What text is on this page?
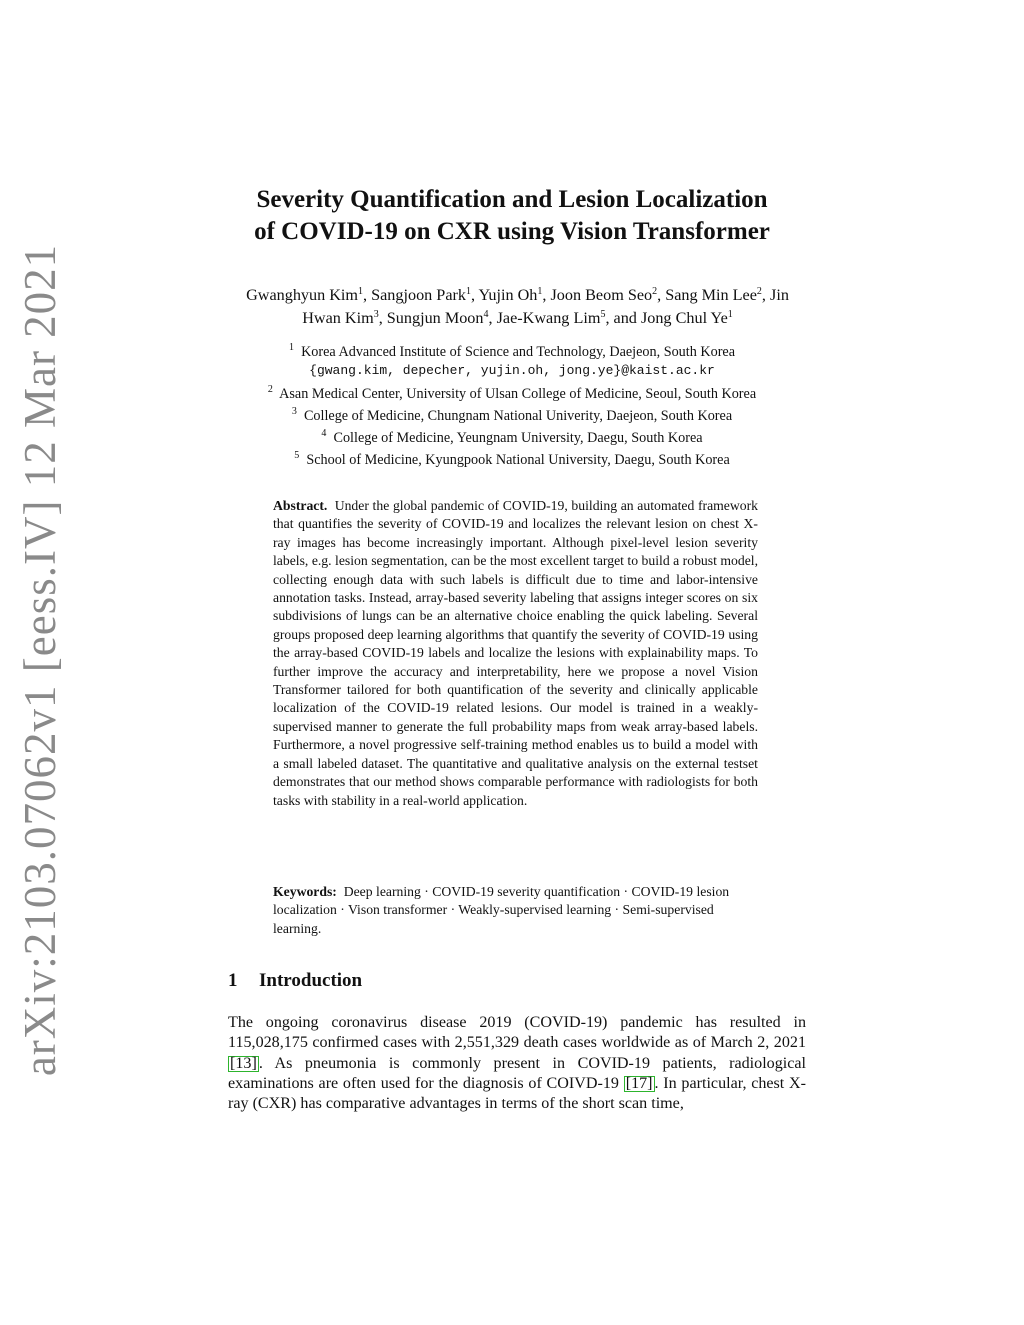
arXiv:2103.07062v1 [eess.IV] 12 Mar 2021
Severity Quantification and Lesion Localization
of COVID-19 on CXR using Vision Transformer
Gwanghyun Kim$^1$, Sangjoon Park$^1$, Yujin Oh$^1$, Joon Beom Seo$^2$, Sang Min Lee$^2$, Jin Hwan Kim$^3$, Sungjun Moon$^4$, Jae-Kwang Lim$^5$, and Jong Chul Ye$^1$
$^1$ Korea Advanced Institute of Science and Technology, Daejeon, South Korea
{gwang.kim, depecher, yujin.oh, jong.ye}@kaist.ac.kr
$^2$ Asan Medical Center, University of Ulsan College of Medicine, Seoul, South Korea
$^3$ College of Medicine, Chungnam National Univerity, Daejeon, South Korea
$^4$ College of Medicine, Yeungnam University, Daegu, South Korea
$^5$ School of Medicine, Kyungpook National University, Daegu, South Korea
Abstract. Under the global pandemic of COVID-19, building an automated framework that quantifies the severity of COVID-19 and localizes the relevant lesion on chest X-ray images has become increasingly important. Although pixel-level lesion severity labels, e.g. lesion segmentation, can be the most excellent target to build a robust model, collecting enough data with such labels is difficult due to time and labor-intensive annotation tasks. Instead, array-based severity labeling that assigns integer scores on six subdivisions of lungs can be an alternative choice enabling the quick labeling. Several groups proposed deep learning algorithms that quantify the severity of COVID-19 using the array-based COVID-19 labels and localize the lesions with explainability maps. To further improve the accuracy and interpretability, here we propose a novel Vision Transformer tailored for both quantification of the severity and clinically applicable localization of the COVID-19 related lesions. Our model is trained in a weakly-supervised manner to generate the full probability maps from weak array-based labels. Furthermore, a novel progressive self-training method enables us to build a model with a small labeled dataset. The quantitative and qualitative analysis on the external testset demonstrates that our method shows comparable performance with radiologists for both tasks with stability in a real-world application.
Keywords: Deep learning · COVID-19 severity quantification · COVID-19 lesion localization · Vison transformer · Weakly-supervised learning · Semi-supervised learning.
1 Introduction
The ongoing coronavirus disease 2019 (COVID-19) pandemic has resulted in 115,028,175 confirmed cases with 2,551,329 death cases worldwide as of March 2, 2021 [13] . As pneumonia is commonly present in COVID-19 patients, radiological examinations are often used for the diagnosis of COIVD-19 [17] . In particular, chest X-ray (CXR) has comparative advantages in terms of the short scan time,
